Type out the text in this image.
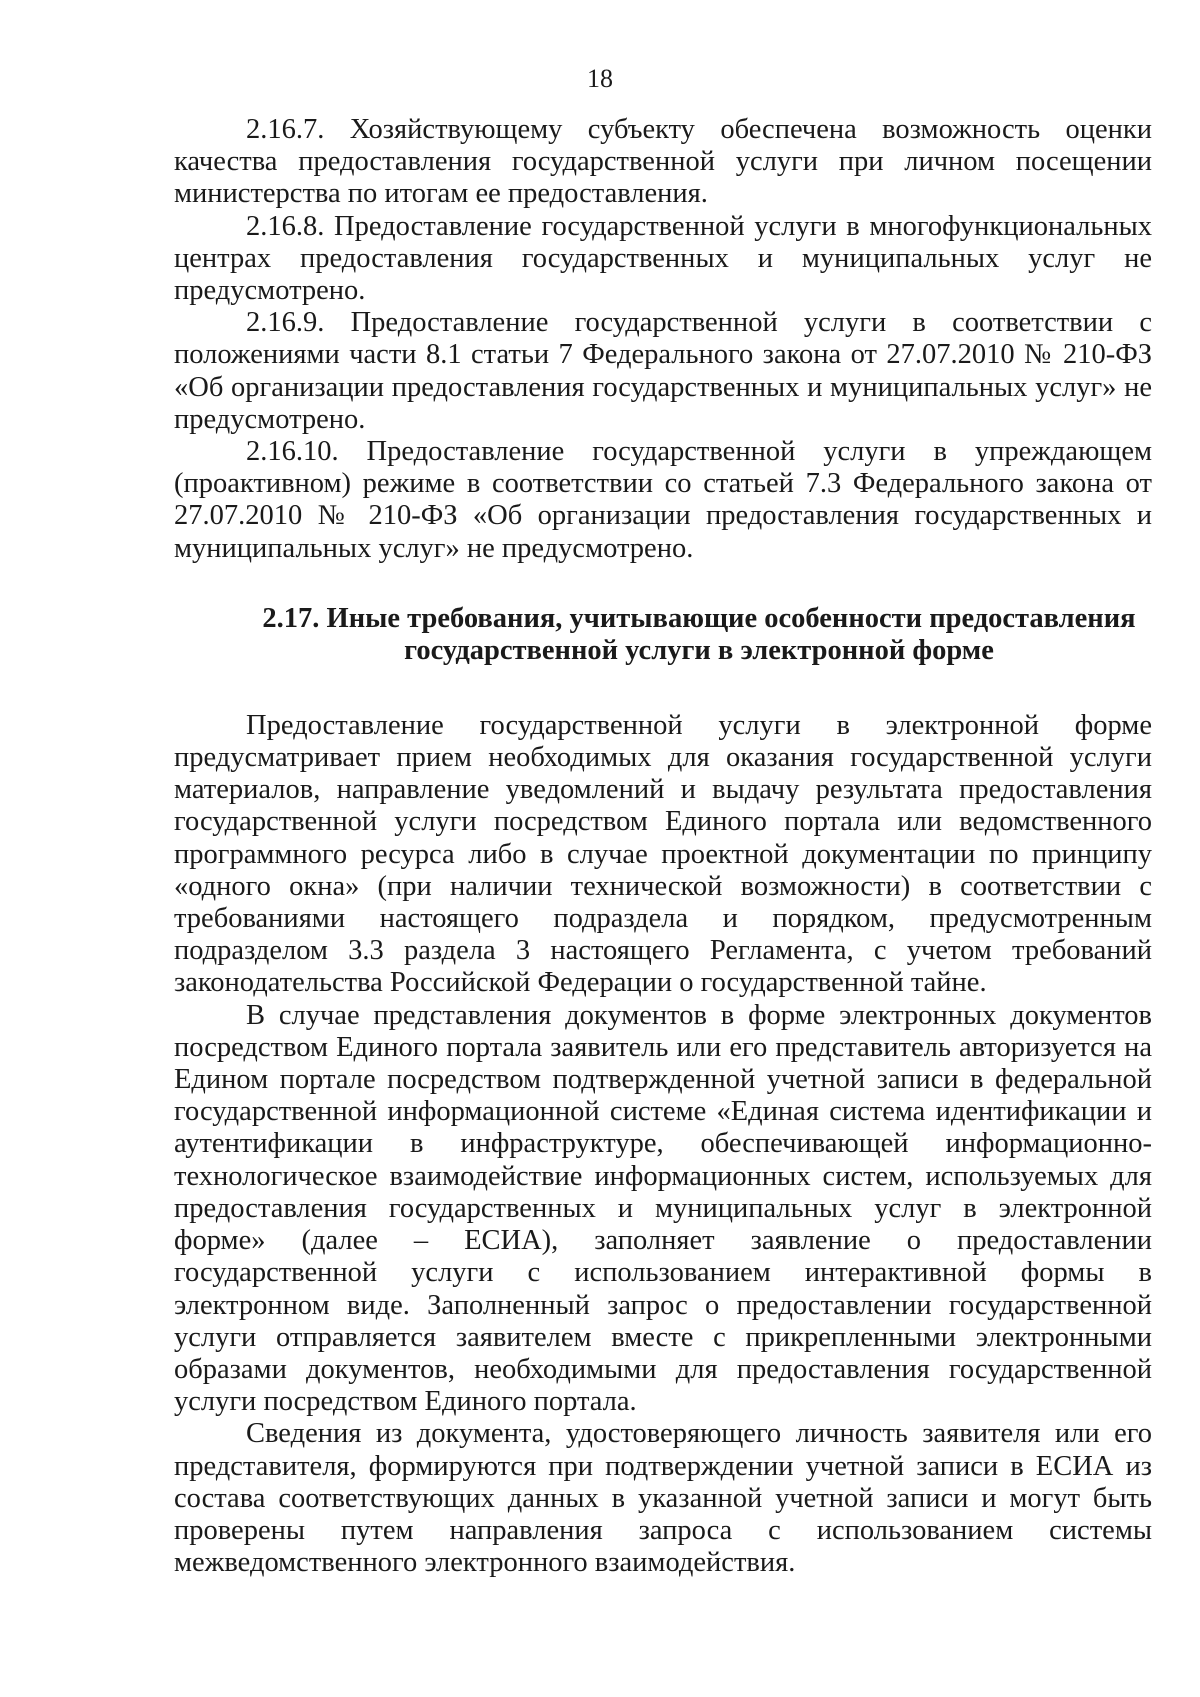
18

2.16.7. Хозяйствующему субъекту обеспечена возможность оценки качества предоставления государственной услуги при личном посещении министерства по итогам ее предоставления.

2.16.8. Предоставление государственной услуги в многофункциональных центрах предоставления государственных и муниципальных услуг не предусмотрено.

2.16.9. Предоставление государственной услуги в соответствии с положениями части 8.1 статьи 7 Федерального закона от 27.07.2010 № 210-ФЗ «Об организации предоставления государственных и муниципальных услуг» не предусмотрено.

2.16.10. Предоставление государственной услуги в упреждающем (проактивном) режиме в соответствии со статьей 7.3 Федерального закона от 27.07.2010 № 210-ФЗ «Об организации предоставления государственных и муниципальных услуг» не предусмотрено.

2.17. Иные требования, учитывающие особенности предоставления государственной услуги в электронной форме

Предоставление государственной услуги в электронной форме предусматривает прием необходимых для оказания государственной услуги материалов, направление уведомлений и выдачу результата предоставления государственной услуги посредством Единого портала или ведомственного программного ресурса либо в случае проектной документации по принципу «одного окна» (при наличии технической возможности) в соответствии с требованиями настоящего подраздела и порядком, предусмотренным подразделом 3.3 раздела 3 настоящего Регламента, с учетом требований законодательства Российской Федерации о государственной тайне.

В случае представления документов в форме электронных документов посредством Единого портала заявитель или его представитель авторизуется на Едином портале посредством подтвержденной учетной записи в федеральной государственной информационной системе «Единая система идентификации и аутентификации в инфраструктуре, обеспечивающей информационно-технологическое взаимодействие информационных систем, используемых для предоставления государственных и муниципальных услуг в электронной форме» (далее – ЕСИА), заполняет заявление о предоставлении государственной услуги с использованием интерактивной формы в электронном виде. Заполненный запрос о предоставлении государственной услуги отправляется заявителем вместе с прикрепленными электронными образами документов, необходимыми для предоставления государственной услуги посредством Единого портала.

Сведения из документа, удостоверяющего личность заявителя или его представителя, формируются при подтверждении учетной записи в ЕСИА из состава соответствующих данных в указанной учетной записи и могут быть проверены путем направления запроса с использованием системы межведомственного электронного взаимодействия.
